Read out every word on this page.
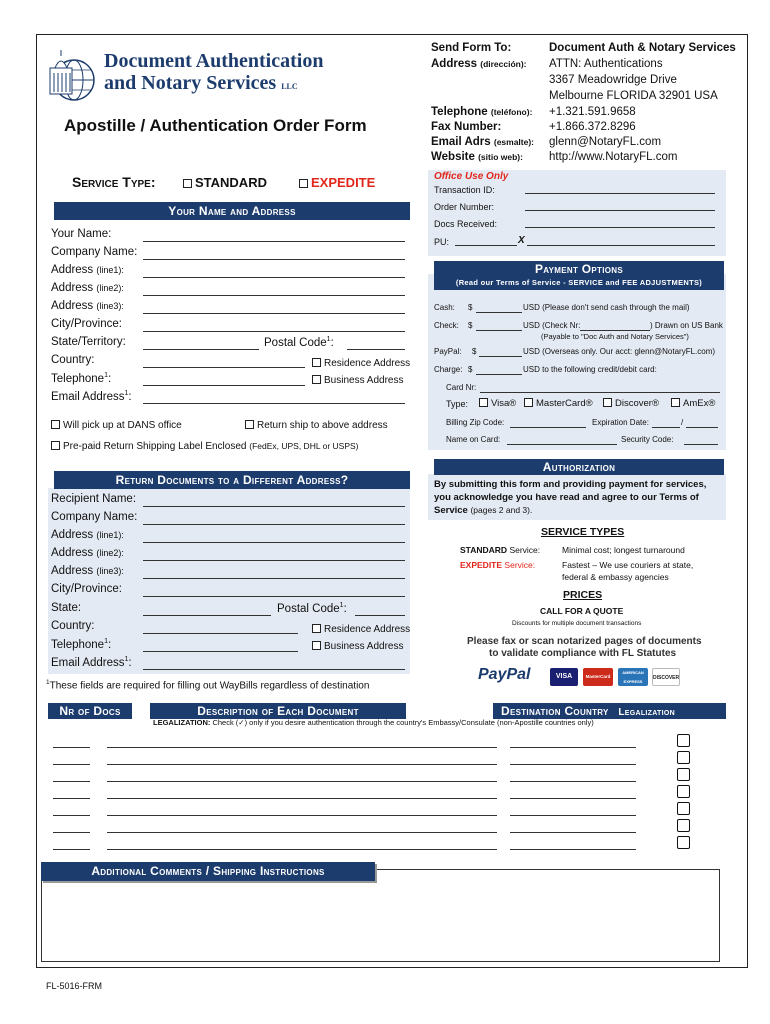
Document Authentication
and Notary Services LLC
Apostille / Authentication Order Form
Send Form To:	Document Auth & Notary Services
Address (dirección): ATTN: Authentications
3367 Meadowridge Drive
Melbourne FLORIDA 32901 USA
Telephone (teléfono): +1.321.591.9658
Fax Number:	+1.866.372.8296
Email Adrs (esmalte): glenn@NotaryFL.com
Website (sitio web): http://www.NotaryFL.com
Service Type:	STANDARD	EXPEDITE	Office Use Only
Transaction ID:
Order Number:
Docs Received:
PU:	X
Your Name and Address
Your Name:
Company Name:
Address (line1):
Address (line2):
Address (line3):
City/Province:
State/Territory:	Postal Code$^1$:
Country:	Residence Address
Telephone$^1$:	Business Address
Email Address$^1$:
Will pick up at DANS office	Return ship to above address
Pre-paid Return Shipping Label Enclosed (FedEx, UPS, DHL or USPS)
Return Documents to a Different Address?
Recipient Name:
Company Name:
Address (line1):
Address (line2):
Address (line3):
City/Province:
State:	Postal Code$^1$:
Country:	Residence Address
Telephone$^1$:	Business Address
Email Address$^1$:
$^1$These fields are required for filling out WayBills regardless of destination
Payment Options
(Read our Terms of Service - SERVICE and FEE ADJUSTMENTS)
Cash: $	USD (Please don't send cash through the mail)
Check: $	USD (Check Nr:	) Drawn on US Bank
(Payable to "Doc Auth and Notary Services")
PayPal: $	USD (Overseas only. Our acct: glenn@NotaryFL.com)
Charge: $	USD to the following credit/debit card:
Card Nr:
Type:	Visa®	MasterCard®	Discover®	AmEx®
Billing Zip Code:	Expiration Date:	/
Name on Card:	Security Code:
Authorization
By submitting this form and providing payment for services, you acknowledge you have read and agree to our Terms of Service (pages 2 and 3).
SERVICE TYPES
STANDARD Service:	Minimal cost; longest turnaround
EXPEDITE Service:	Fastest – We use couriers at state,
federal & embassy agencies
PRICES
CALL FOR A QUOTE
Discounts for multiple document transactions
Please fax or scan notarized pages of documents
to validate compliance with FL Statutes
PayPal	VISA	MasterCard
AMERICAN EXPRESS
DISCOVER
Nr of Docs	Description of Each Document	Destination Country Legalization
LEGALIZATION: Check (✓) only if you desire authentication through the country's Embassy/Consulate (non-Apostille countries only)
Additional Comments / Shipping Instructions
FL-5016-FRM
